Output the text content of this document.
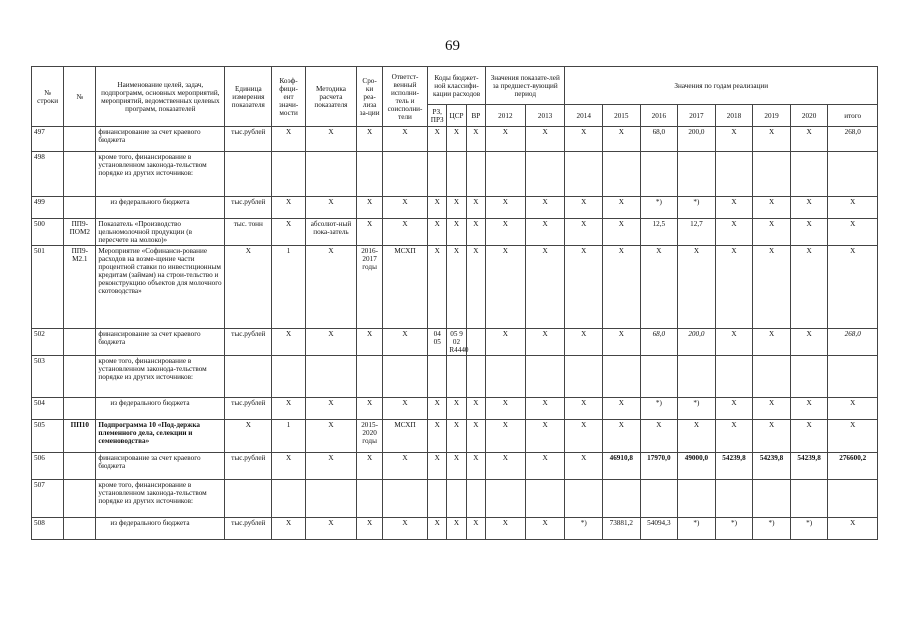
69
№ строки	№	Наименование целей, задач, подпрограмм, основных мероприятий, мероприятий, ведомственных целевых программ, показателей	Единица измерения показателя	Коэф-фици-ент значи-мости	Методика расчета показателя	Сро-ки реа-лиза за-ции	Ответст-венный исполни-тель и соисполни-тели	Коды бюджет-ной классифи-кации расходов			Значения показате-лей за предшест-вующий период		Значения по годам реализации							
								РЗ, ПРЗ	ЦСР	ВР	2012	2013	2014	2015	2016	2017	2018	2019	2020	итого
497		финансирование за счет краевого бюджета	тыс.рублей	X	X	X	X	X	X	X	X	X	X	X	68,0	200,0	X	X	X	268,0
498		кроме того, финансирование в установленном законода-тельством порядке из других источников:																		
499		из федерального бюджета	тыс.рублей	X	X	X	X	X	X	X	X	X	X	X	*)	*)	X	X	X	X
500	ПП9-ПОМ2	Показатель «Производство цельномолочной продукции (в пересчете на молоко)»	тыс. тонн	X	абсолют-ный пока-затель	X	X	X	X	X	X	X	X	X	12,5	12,7	X	X	X	X
501	ПП9-М2.1	Мероприятие «Софинанси-рование расходов на возме-щение части процентной ставки по инвестиционным кредитам (займам) на строи-тельство и реконструкцию объектов для молочного скотоводства»	X	1	X	2016-2017 годы	МСХП	X	X	X	X	X	X	X	X	X	X	X	X	X
502		финансирование за счет краевого бюджета	тыс.рублей	X	X	X	X	04 05	05 9 02 R4440		X	X	X	X	68,0	200,0	X	X	X	268,0
503		кроме того, финансирование в установленном законода-тельством порядке из других источников:																		
504		из федерального бюджета	тыс.рублей	X	X	X	X	X	X	X	X	X	X	X	*)	*)	X	X	X	X
505	ПП10	Подпрограмма 10 «Под-держка племенного дела, селекции и семеноводства»	X	1	X	2015-2020 годы	МСХП	X	X	X	X	X	X	X	X	X	X	X	X	X
506		финансирование за счет краевого бюджета	тыс.рублей	X	X	X	X	X	X	X	X	X	X	46910,8	17970,0	49000,0	54239,8	54239,8	54239,8	276600,2
507		кроме того, финансирование в установленном законода-тельством порядке из других источников:																		
508		из федерального бюджета	тыс.рублей	X	X	X	X	X	X	X	X	X	*)	73881,2	54094,3	*)	*)	*)	*)	X
